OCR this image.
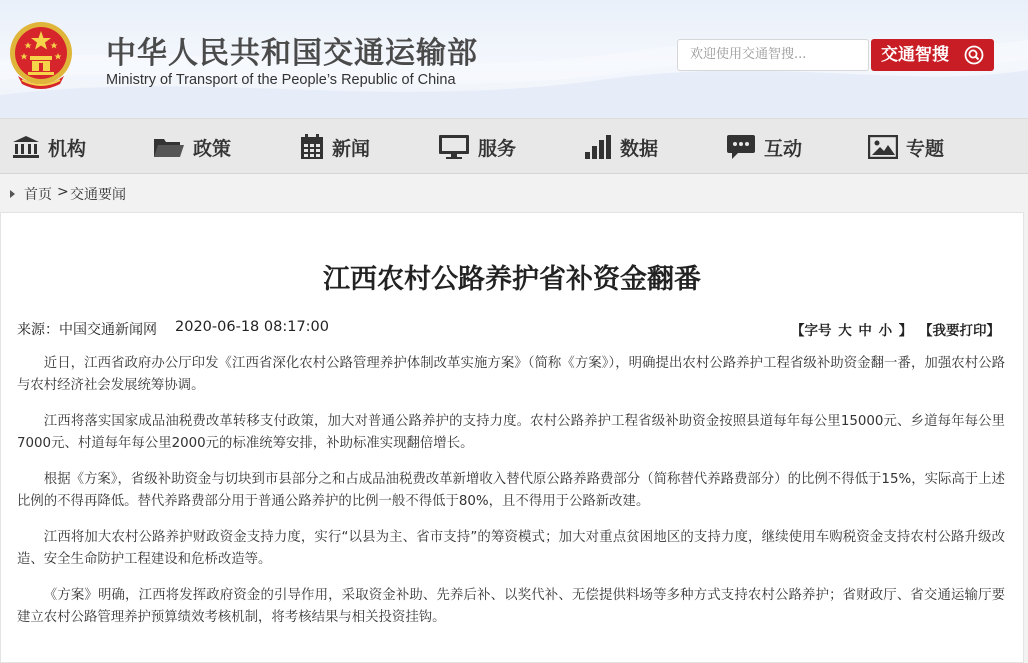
中华人民共和国交通运输部
Ministry of Transport of the People’s Republic of China
欢迎使用交通智搜...	交通智搜
机构	政策	新闻	服务	数据	互动	专题
首页 > 交通要闻
江西农村公路养护省补资金翻番
来源：中国交通新闻网 2020-06-18 08:17:00	【字号 大 中 小 】 【我要打印】

近日，江西省政府办公厅印发《江西省深化农村公路管理养护体制改革实施方案》（简称《方案》），明确提出农村公路养护工程省级补助资金翻一番，加强农村公路与农村经济社会发展统筹协调。

江西将落实国家成品油税费改革转移支付政策，加大对普通公路养护的支持力度。农村公路养护工程省级补助资金按照县道每年每公里15000元、乡道每年每公里7000元、村道每年每公里2000元的标准统筹安排，补助标准实现翻倍增长。

根据《方案》，省级补助资金与切块到市县部分之和占成品油税费改革新增收入替代原公路养路费部分（简称替代养路费部分）的比例不得低于15%，实际高于上述比例的不得再降低。替代养路费部分用于普通公路养护的比例一般不得低于80%，且不得用于公路新改建。

江西将加大农村公路养护财政资金支持力度，实行“以县为主、省市支持”的筹资模式；加大对重点贫困地区的支持力度，继续使用车购税资金支持农村公路升级改造、安全生命防护工程建设和危桥改造等。

《方案》明确，江西将发挥政府资金的引导作用，采取资金补助、先养后补、以奖代补、无偿提供料场等多种方式支持农村公路养护；省财政厅、省交通运输厅要建立农村公路管理养护预算绩效考核机制，将考核结果与相关投资挂钩。
